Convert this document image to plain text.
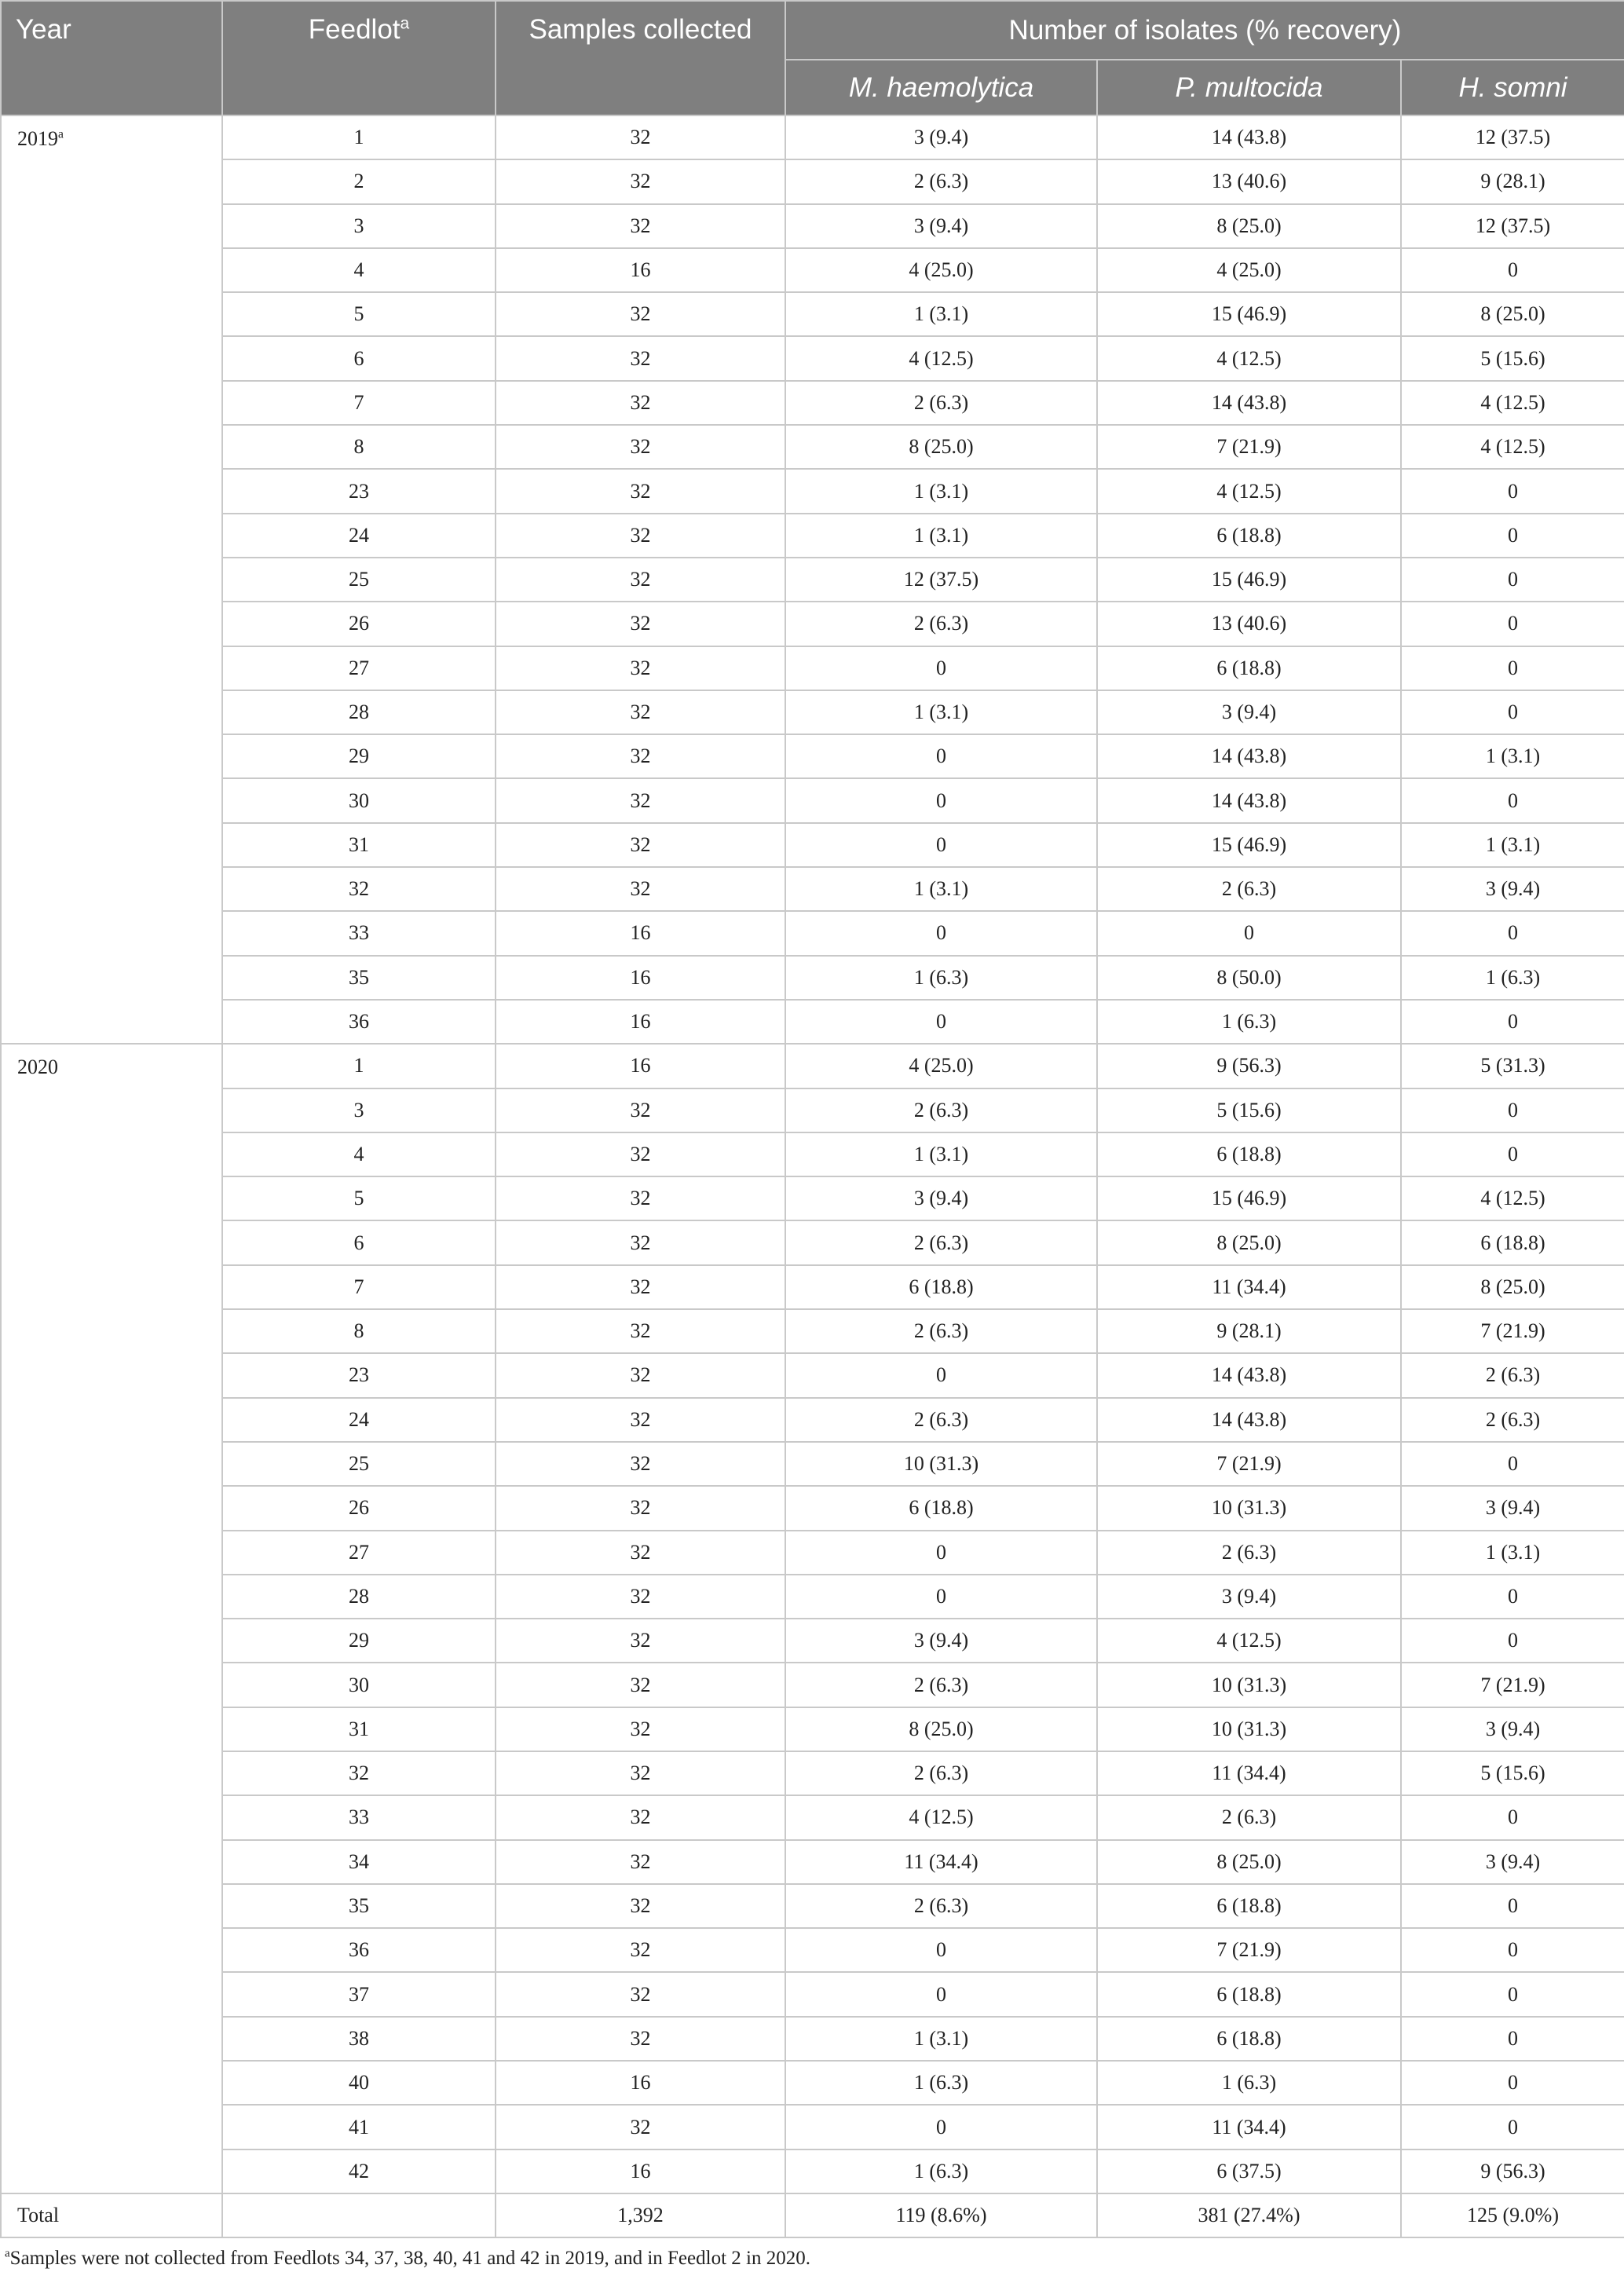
Year	Feedlot$^a$	Samples collected	Number of isolates (% recovery)		
			M. haemolytica	P. multocida	H. somni
2019$^a$	1	32	3 (9.4)	14 (43.8)	12 (37.5)
	2	32	2 (6.3)	13 (40.6)	9 (28.1)
	3	32	3 (9.4)	8 (25.0)	12 (37.5)
	4	16	4 (25.0)	4 (25.0)	0
	5	32	1 (3.1)	15 (46.9)	8 (25.0)
	6	32	4 (12.5)	4 (12.5)	5 (15.6)
	7	32	2 (6.3)	14 (43.8)	4 (12.5)
	8	32	8 (25.0)	7 (21.9)	4 (12.5)
	23	32	1 (3.1)	4 (12.5)	0
	24	32	1 (3.1)	6 (18.8)	0
	25	32	12 (37.5)	15 (46.9)	0
	26	32	2 (6.3)	13 (40.6)	0
	27	32	0	6 (18.8)	0
	28	32	1 (3.1)	3 (9.4)	0
	29	32	0	14 (43.8)	1 (3.1)
	30	32	0	14 (43.8)	0
	31	32	0	15 (46.9)	1 (3.1)
	32	32	1 (3.1)	2 (6.3)	3 (9.4)
	33	16	0	0	0
	35	16	1 (6.3)	8 (50.0)	1 (6.3)
	36	16	0	1 (6.3)	0
2020	1	16	4 (25.0)	9 (56.3)	5 (31.3)
	3	32	2 (6.3)	5 (15.6)	0
	4	32	1 (3.1)	6 (18.8)	0
	5	32	3 (9.4)	15 (46.9)	4 (12.5)
	6	32	2 (6.3)	8 (25.0)	6 (18.8)
	7	32	6 (18.8)	11 (34.4)	8 (25.0)
	8	32	2 (6.3)	9 (28.1)	7 (21.9)
	23	32	0	14 (43.8)	2 (6.3)
	24	32	2 (6.3)	14 (43.8)	2 (6.3)
	25	32	10 (31.3)	7 (21.9)	0
	26	32	6 (18.8)	10 (31.3)	3 (9.4)
	27	32	0	2 (6.3)	1 (3.1)
	28	32	0	3 (9.4)	0
	29	32	3 (9.4)	4 (12.5)	0
	30	32	2 (6.3)	10 (31.3)	7 (21.9)
	31	32	8 (25.0)	10 (31.3)	3 (9.4)
	32	32	2 (6.3)	11 (34.4)	5 (15.6)
	33	32	4 (12.5)	2 (6.3)	0
	34	32	11 (34.4)	8 (25.0)	3 (9.4)
	35	32	2 (6.3)	6 (18.8)	0
	36	32	0	7 (21.9)	0
	37	32	0	6 (18.8)	0
	38	32	1 (3.1)	6 (18.8)	0
	40	16	1 (6.3)	1 (6.3)	0
	41	32	0	11 (34.4)	0
	42	16	1 (6.3)	6 (37.5)	9 (56.3)
Total		1,392	119 (8.6%)	381 (27.4%)	125 (9.0%)
$^a$Samples were not collected from Feedlots 34, 37, 38, 40, 41 and 42 in 2019, and in Feedlot 2 in 2020.
